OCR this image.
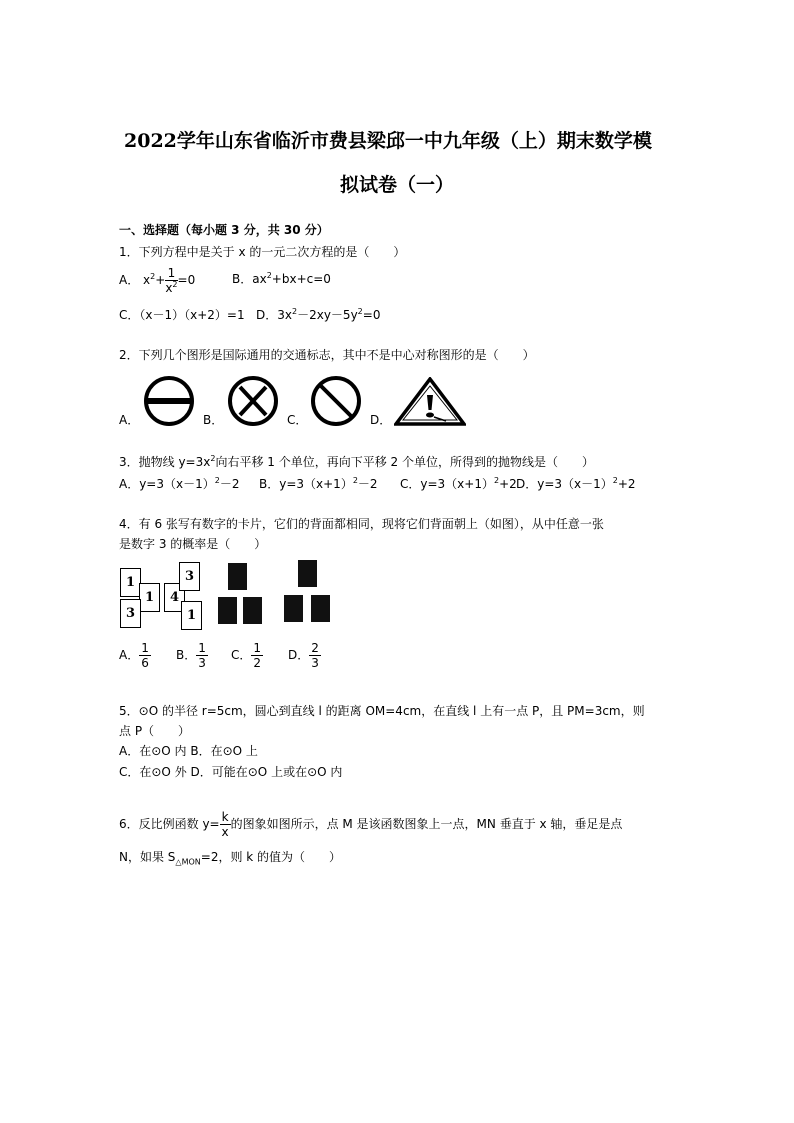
2022学年山东省临沂市费县梁邱一中九年级（上）期末数学模
拟试卷（一）
一、选择题（每小题 3 分，共 30 分）
1．下列方程中是关于 x 的一元二次方程的是（　　）
A． $x^2+ \frac{1}{x^2} =0$	B．$ax^2+bx+c=0$
C．（x－1）（x+2）=1 D．$3x^2-2xy-5y^2=0$
2．下列几个图形是国际通用的交通标志，其中不是中心对称图形的是（　　）
A．	B．	C．	D．
3．抛物线 $y=3x^2$向右平移 1 个单位，再向下平移 2 个单位，所得到的抛物线是（　　）
A．$y=3(x-1)^2-2$ B．$y=3(x+1)^2-2$ C．$y=3(x+1)^2+2$ D．$y=3(x-1)^2+2$
4．有 6 张写有数字的卡片，它们的背面都相同，现将它们背面朝上（如图），从中任意一张
是数字 3 的概率是（　　）
1
1
3
4
3
1
A． $\frac{1}{6}$ B． $\frac{1}{3}$ C． $\frac{1}{2}$ D． $\frac{2}{3}$
5．⊙O 的半径 r=5cm，圆心到直线 l 的距离 OM=4cm，在直线 l 上有一点 P，且 PM=3cm，则
点 P（　　）
A．在⊙O 内 B．在⊙O 上
C．在⊙O 外 D．可能在⊙O 上或在⊙O 内
6．反比例函数 $y= \frac{k}{x}$ 的图象如图所示，点 M 是该函数图象上一点，MN 垂直于 x 轴，垂足是点
N，如果 $S_{\triangle MON}=2$，则 k 的值为（　　）
